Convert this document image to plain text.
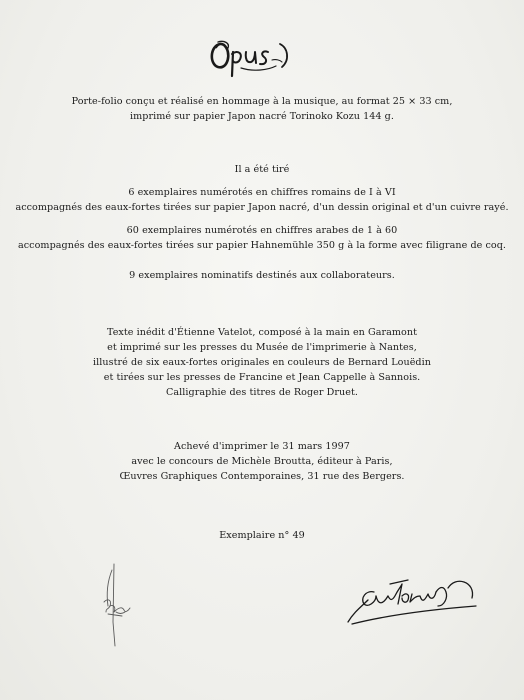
Porte-folio conçu et réalisé en hommage à la musique, au format 25 × 33 cm,

imprimé sur papier Japon nacré Torinoko Kozu 144 g.

Il a été tiré

6 exemplaires numérotés en chiffres romains de I à VI

accompagnés des eaux-fortes tirées sur papier Japon nacré, d'un dessin original et d'un cuivre rayé.

60 exemplaires numérotés en chiffres arabes de 1 à 60

accompagnés des eaux-fortes tirées sur papier Hahnemühle 350 g à la forme avec filigrane de coq.

9 exemplaires nominatifs destinés aux collaborateurs.

Texte inédit d'Étienne Vatelot, composé à la main en Garamont

et imprimé sur les presses du Musée de l'imprimerie à Nantes,

illustré de six eaux-fortes originales en couleurs de Bernard Louëdin

et tirées sur les presses de Francine et Jean Cappelle à Sannois.

Calligraphie des titres de Roger Druet.

Achevé d'imprimer le 31 mars 1997

avec le concours de Michèle Broutta, éditeur à Paris,

Œuvres Graphiques Contemporaines, 31 rue des Bergers.

Exemplaire n° 49
